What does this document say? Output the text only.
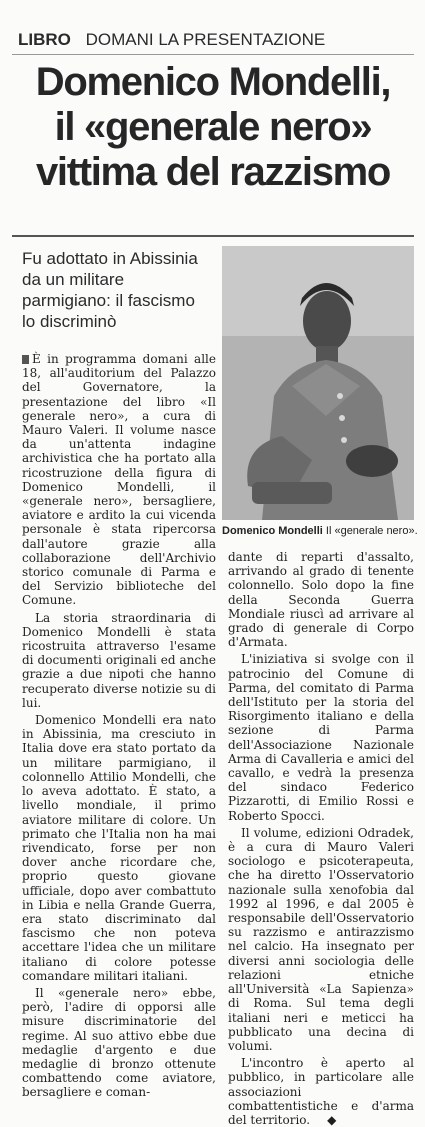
LIBRO DOMANI LA PRESENTAZIONE
Domenico Mondelli,
il «generale nero»
vittima del razzismo
Fu adottato in Abissinia
da un militare
parmigiano: il fascismo
lo discriminò
Domenico Mondelli Il «generale nero».

È in programma domani alle 18, all'auditorium del Palazzo del Governatore, la presentazione del libro «Il generale nero», a cura di Mauro Valeri. Il volume nasce da un'attenta indagine archivistica che ha portato alla ricostruzione della figura di Domenico Mondelli, il «generale nero», bersagliere, aviatore e ardito la cui vicenda personale è stata ripercorsa dall'autore grazie alla collaborazione dell'Archivio storico comunale di Parma e del Servizio biblioteche del Comune.

La storia straordinaria di Domenico Mondelli è stata ricostruita attraverso l'esame di documenti originali ed anche grazie a due nipoti che hanno recuperato diverse notizie su di lui.

Domenico Mondelli era nato in Abissinia, ma cresciuto in Italia dove era stato portato da un militare parmigiano, il colonnello Attilio Mondelli, che lo aveva adottato. È stato, a livello mondiale, il primo aviatore militare di colore. Un primato che l'Italia non ha mai rivendicato, forse per non dover anche ricordare che, proprio questo giovane ufficiale, dopo aver combattuto in Libia e nella Grande Guerra, era stato discriminato dal fascismo che non poteva accettare l'idea che un militare italiano di colore potesse comandare militari italiani.

Il «generale nero» ebbe, però, l'adire di opporsi alle misure discriminatorie del regime. Al suo attivo ebbe due medaglie d'argento e due medaglie di bronzo ottenute combattendo come aviatore, bersagliere e coman-

dante di reparti d'assalto, arrivando al grado di tenente colonnello. Solo dopo la fine della Seconda Guerra Mondiale riuscì ad arrivare al grado di generale di Corpo d'Armata.

L'iniziativa si svolge con il patrocinio del Comune di Parma, del comitato di Parma dell'Istituto per la storia del Risorgimento italiano e della sezione di Parma dell'Associazione Nazionale Arma di Cavalleria e amici del cavallo, e vedrà la presenza del sindaco Federico Pizzarotti, di Emilio Rossi e Roberto Spocci.

Il volume, edizioni Odradek, è a cura di Mauro Valeri sociologo e psicoterapeuta, che ha diretto l'Osservatorio nazionale sulla xenofobia dal 1992 al 1996, e dal 2005 è responsabile dell'Osservatorio su razzismo e antirazzismo nel calcio. Ha insegnato per diversi anni sociologia delle relazioni etniche all'Università «La Sapienza» di Roma. Sul tema degli italiani neri e meticci ha pubblicato una decina di volumi.

L'incontro è aperto al pubblico, in particolare alle associazioni combattentistiche e d'arma del territorio. ◆
